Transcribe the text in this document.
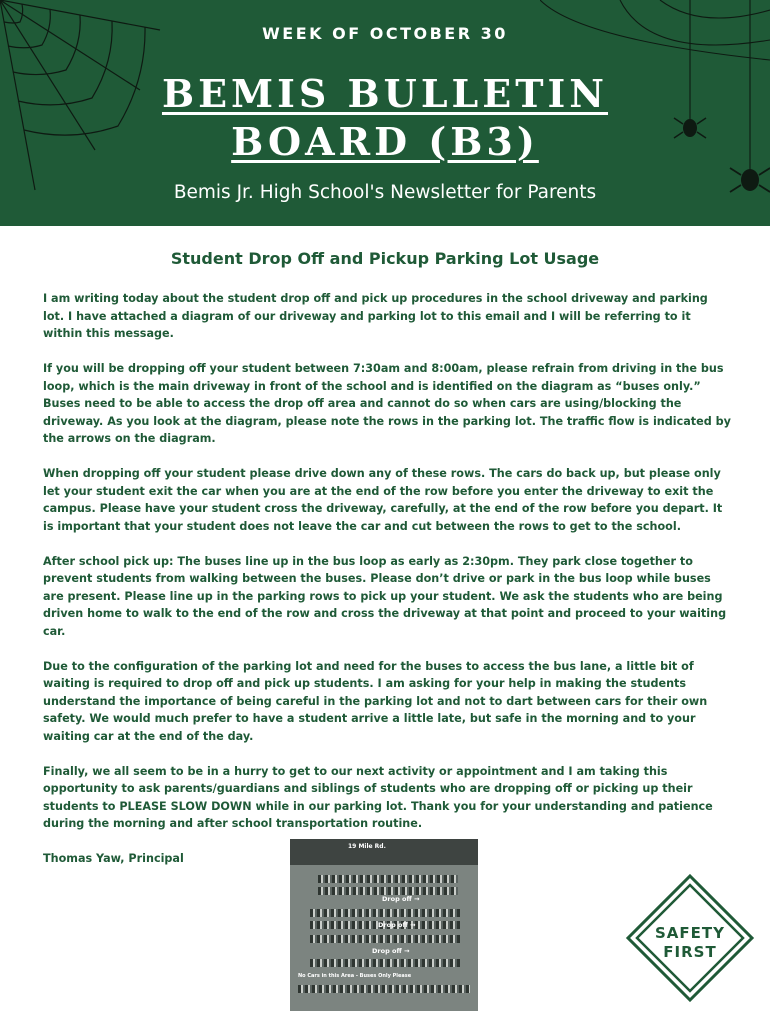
WEEK OF OCTOBER 30
BEMIS BULLETIN
BOARD (B3)
Bemis Jr. High School's Newsletter for Parents
Student Drop Off and Pickup Parking Lot Usage

I am writing today about the student drop off and pick up procedures in the school driveway and parking lot. I have attached a diagram of our driveway and parking lot to this email and I will be referring to it within this message.

If you will be dropping off your student between 7:30am and 8:00am, please refrain from driving in the bus loop, which is the main driveway in front of the school and is identified on the diagram as “buses only.” Buses need to be able to access the drop off area and cannot do so when cars are using/blocking the driveway. As you look at the diagram, please note the rows in the parking lot. The traffic flow is indicated by the arrows on the diagram.

When dropping off your student please drive down any of these rows. The cars do back up, but please only let your student exit the car when you are at the end of the row before you enter the driveway to exit the campus. Please have your student cross the driveway, carefully, at the end of the row before you depart. It is important that your student does not leave the car and cut between the rows to get to the school.

After school pick up: The buses line up in the bus loop as early as 2:30pm. They park close together to prevent students from walking between the buses. Please don’t drive or park in the bus loop while buses are present. Please line up in the parking rows to pick up your student. We ask the students who are being driven home to walk to the end of the row and cross the driveway at that point and proceed to your waiting car.

Due to the configuration of the parking lot and need for the buses to access the bus lane, a little bit of waiting is required to drop off and pick up students. I am asking for your help in making the students understand the importance of being careful in the parking lot and not to dart between cars for their own safety. We would much prefer to have a student arrive a little late, but safe in the morning and to your waiting car at the end of the day.

Finally, we all seem to be in a hurry to get to our next activity or appointment and I am taking this opportunity to ask parents/guardians and siblings of students who are dropping off or picking up their students to PLEASE SLOW DOWN while in our parking lot. Thank you for your understanding and patience during the morning and after school transportation routine.

Thomas Yaw, Principal

19 Mile Rd.
Drop off →
Drop off →
Drop off →
No Cars in this Area - Buses Only Please
SAFETY
FIRST
